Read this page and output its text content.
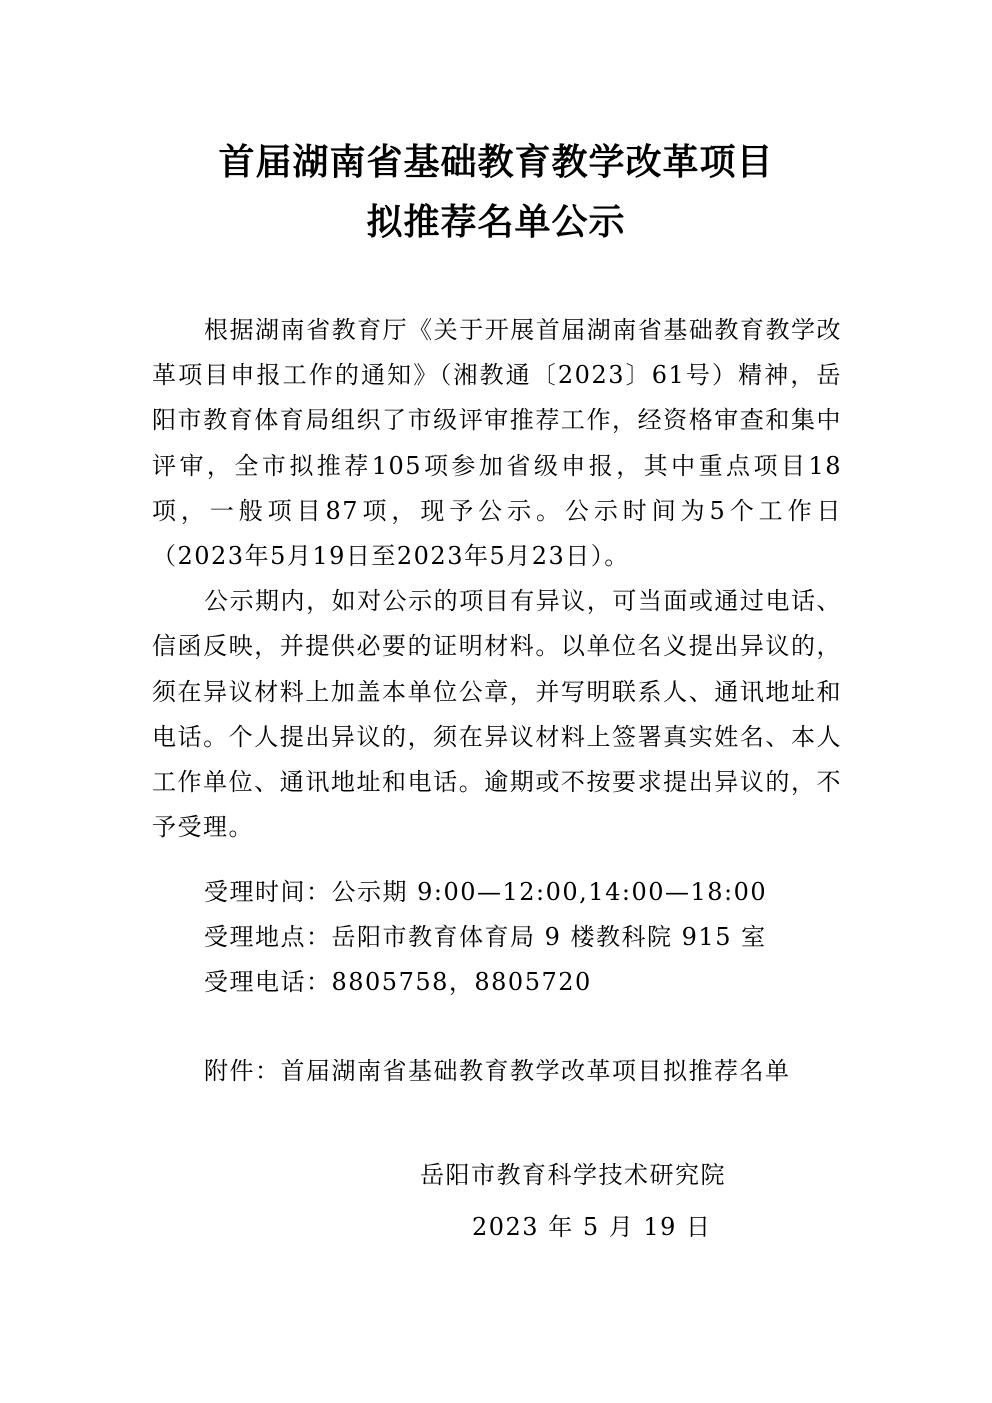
首届湖南省基础教育教学改革项目
拟推荐名单公示

根据湖南省教育厅《关于开展首届湖南省基础教育教学改革项目申报工作的通知》（湘教通〔2023〕61号）精神，岳阳市教育体育局组织了市级评审推荐工作，经资格审查和集中评审，全市拟推荐105项参加省级申报，其中重点项目18项，一般项目87项，现予公示。公示时间为5个工作日（2023年5月19日至2023年5月23日）。

公示期内，如对公示的项目有异议，可当面或通过电话、信函反映，并提供必要的证明材料。以单位名义提出异议的，须在异议材料上加盖本单位公章，并写明联系人、通讯地址和电话。个人提出异议的，须在异议材料上签署真实姓名、本人工作单位、通讯地址和电话。逾期或不按要求提出异议的，不予受理。

受理时间：公示期 9:00—12:00,14:00—18:00
受理地点：岳阳市教育体育局 9 楼教科院 915 室
受理电话：8805758，8805720
附件：首届湖南省基础教育教学改革项目拟推荐名单
岳阳市教育科学技术研究院
2023 年 5 月 19 日
